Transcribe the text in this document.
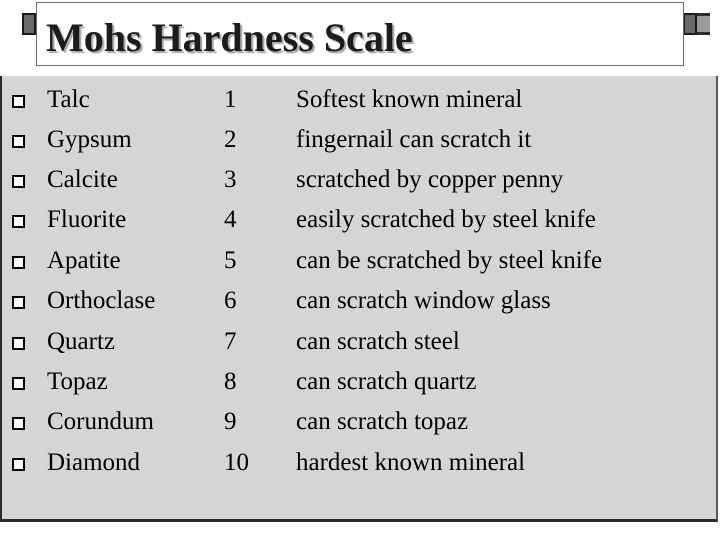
Mohs Hardness Scale
Talc	1 Softest known mineral
Gypsum	2 fingernail can scratch it
Calcite	3 scratched by copper penny
Fluorite	4 easily scratched by steel knife
Apatite	5 can be scratched by steel knife
Orthoclase	6 can scratch window glass
Quartz	7 can scratch steel
Topaz	8 can scratch quartz
Corundum	9 can scratch topaz
Diamond	10 hardest known mineral
